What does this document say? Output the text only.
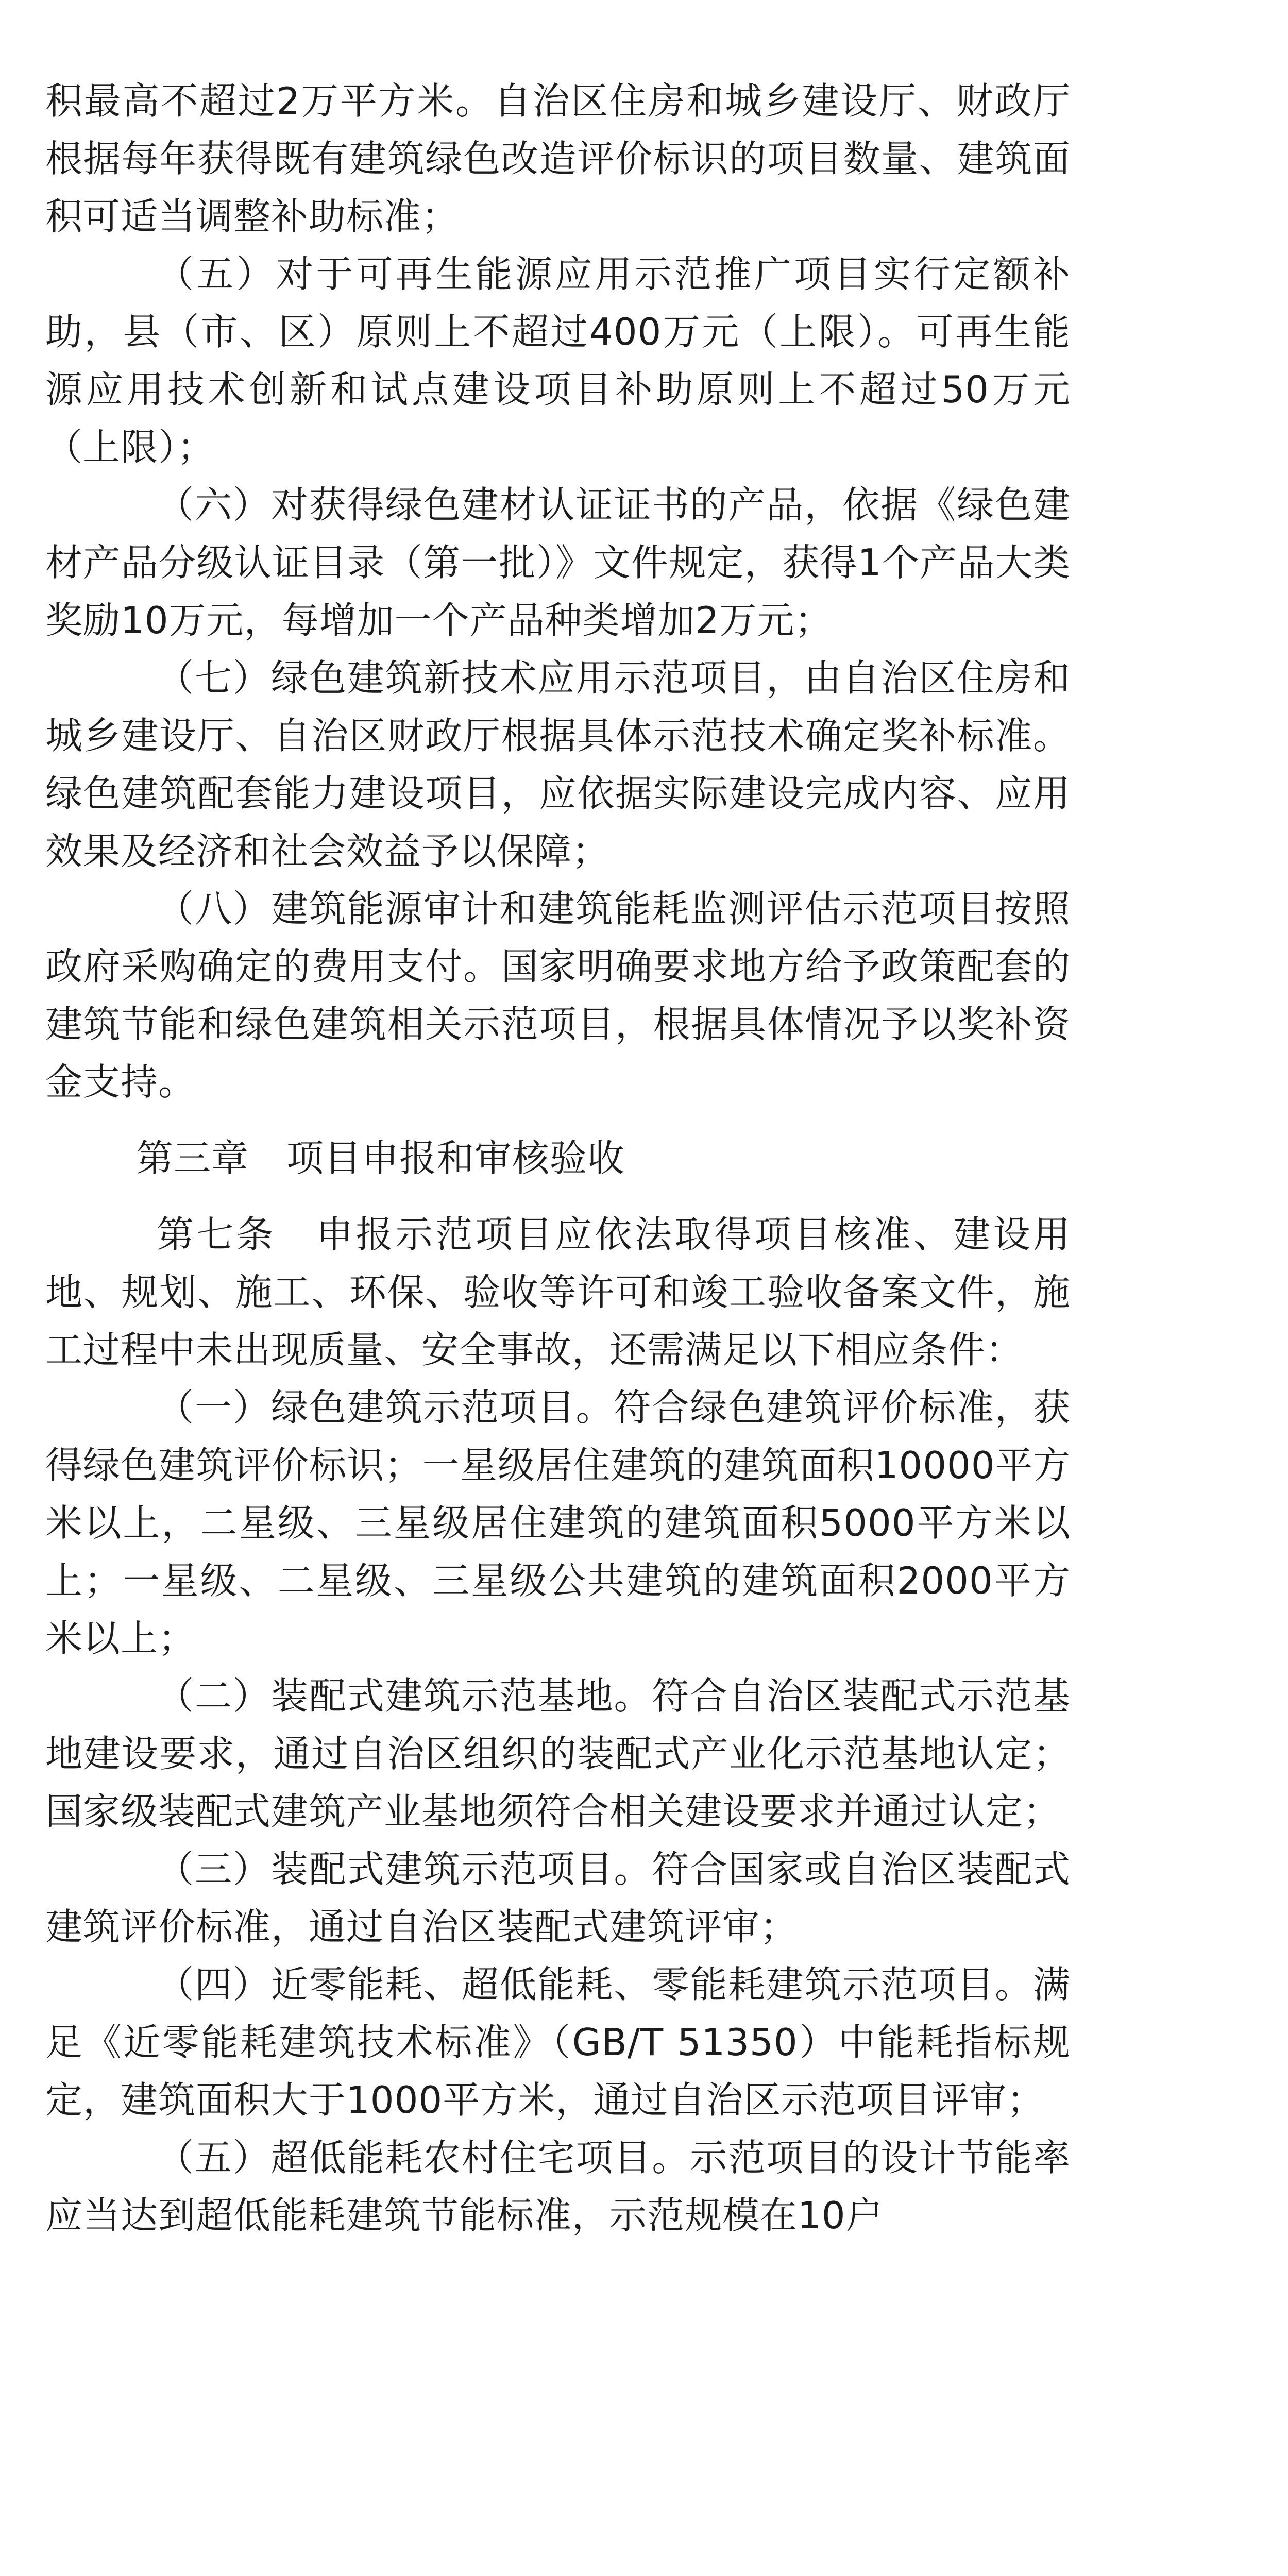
积最高不超过2万平方米。自治区住房和城乡建设厅、财政厅根据每年获得既有建筑绿色改造评价标识的项目数量、建筑面积可适当调整补助标准；

（五）对于可再生能源应用示范推广项目实行定额补助，县（市、区）原则上不超过400万元（上限）。可再生能源应用技术创新和试点建设项目补助原则上不超过50万元（上限）；

（六）对获得绿色建材认证证书的产品，依据《绿色建材产品分级认证目录（第一批）》文件规定，获得1个产品大类奖励10万元，每增加一个产品种类增加2万元；

（七）绿色建筑新技术应用示范项目，由自治区住房和城乡建设厅、自治区财政厅根据具体示范技术确定奖补标准。绿色建筑配套能力建设项目，应依据实际建设完成内容、应用效果及经济和社会效益予以保障；

（八）建筑能源审计和建筑能耗监测评估示范项目按照政府采购确定的费用支付。国家明确要求地方给予政策配套的建筑节能和绿色建筑相关示范项目，根据具体情况予以奖补资金支持。

第三章　项目申报和审核验收

第七条　申报示范项目应依法取得项目核准、建设用地、规划、施工、环保、验收等许可和竣工验收备案文件，施工过程中未出现质量、安全事故，还需满足以下相应条件：

（一）绿色建筑示范项目。符合绿色建筑评价标准，获得绿色建筑评价标识；一星级居住建筑的建筑面积10000平方米以上，二星级、三星级居住建筑的建筑面积5000平方米以上；一星级、二星级、三星级公共建筑的建筑面积2000平方米以上；

（二）装配式建筑示范基地。符合自治区装配式示范基地建设要求，通过自治区组织的装配式产业化示范基地认定；国家级装配式建筑产业基地须符合相关建设要求并通过认定；

（三）装配式建筑示范项目。符合国家或自治区装配式建筑评价标准，通过自治区装配式建筑评审；

（四）近零能耗、超低能耗、零能耗建筑示范项目。满足《近零能耗建筑技术标准》（GB/T 51350）中能耗指标规定，建筑面积大于1000平方米，通过自治区示范项目评审；

（五）超低能耗农村住宅项目。示范项目的设计节能率应当达到超低能耗建筑节能标准，示范规模在10户
